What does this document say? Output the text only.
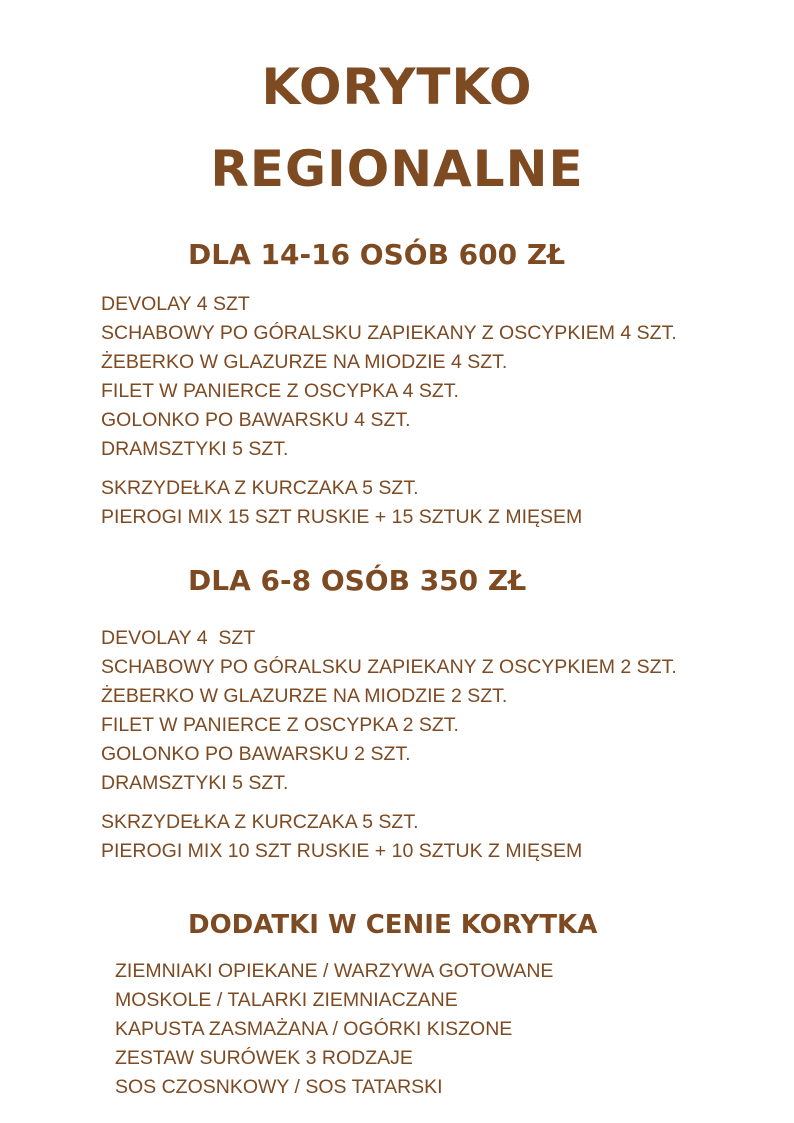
KORYTKO
REGIONALNE
DLA 14-16 OSÓB 600 ZŁ
DEVOLAY 4 SZT
SCHABOWY PO GÓRALSKU ZAPIEKANY Z OSCYPKIEM 4 SZT.
ŻEBERKO W GLAZURZE NA MIODZIE 4 SZT.
FILET W PANIERCE Z OSCYPKA 4 SZT.
GOLONKO PO BAWARSKU 4 SZT.
DRAMSZTYKI 5 SZT.
SKRZYDEŁKA Z KURCZAKA 5 SZT.
PIEROGI MIX 15 SZT RUSKIE + 15 SZTUK Z MIĘSEM
DLA 6-8 OSÓB 350 ZŁ
DEVOLAY 4  SZT
SCHABOWY PO GÓRALSKU ZAPIEKANY Z OSCYPKIEM 2 SZT.
ŻEBERKO W GLAZURZE NA MIODZIE 2 SZT.
FILET W PANIERCE Z OSCYPKA 2 SZT.
GOLONKO PO BAWARSKU 2 SZT.
DRAMSZTYKI 5 SZT.
SKRZYDEŁKA Z KURCZAKA 5 SZT.
PIEROGI MIX 10 SZT RUSKIE + 10 SZTUK Z MIĘSEM
DODATKI W CENIE KORYTKA
ZIEMNIAKI OPIEKANE / WARZYWA GOTOWANE
MOSKOLE / TALARKI ZIEMNIACZANE
KAPUSTA ZASMAŻANA / OGÓRKI KISZONE
ZESTAW SURÓWEK 3 RODZAJE
SOS CZOSNKOWY / SOS TATARSKI
